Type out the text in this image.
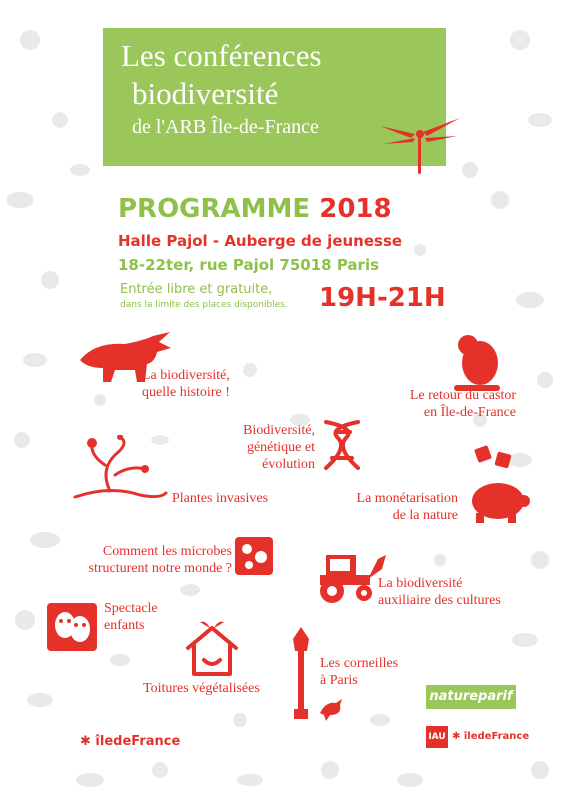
Les conférences
biodiversité
de l'ARB Île-de-France
PROGRAMME 2018
Halle Pajol - Auberge de jeunesse
18-22ter, rue Pajol 75018 Paris
Entrée libre et gratuite,
dans la limite des places disponibles. 19H-21H
La biodiversité,
quelle histoire !	Le retour du castor
en Île-de-France
Biodiversité,
génétique et
évolution
Plantes invasives	La monétarisation
de la nature
Comment les microbes
structurent notre monde ?
La biodiversité
auxiliaire des cultures
Spectacle
enfants
Toitures végétalisées
Les corneilles
à Paris
natureparif
IAU ✱ îledeFrance
✱ îledeFrance
